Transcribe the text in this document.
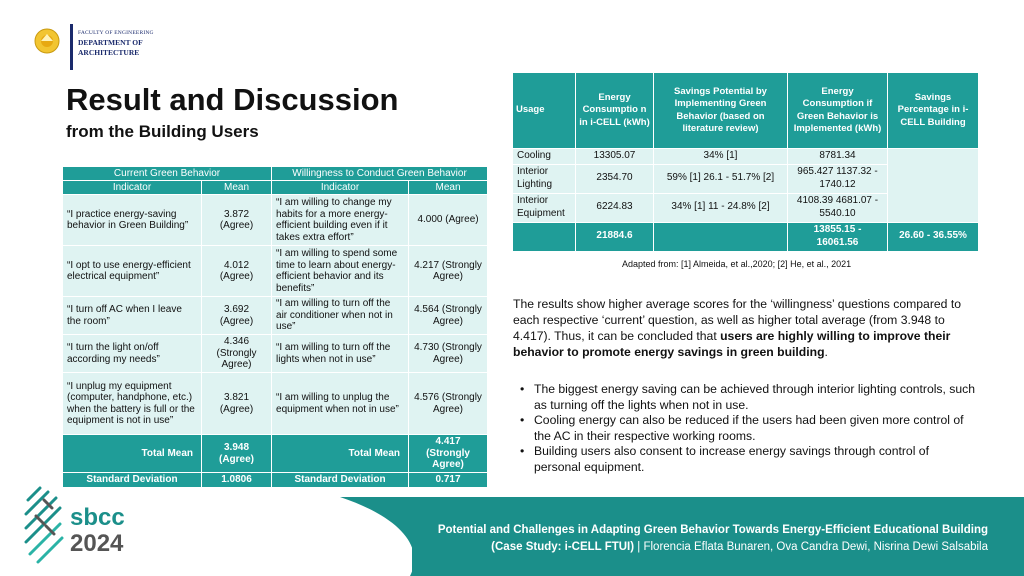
FACULTY OF ENGINEERING
DEPARTMENT OF
ARCHITECTURE
Result and Discussion
from the Building Users
Current Green Behavior		Willingness to Conduct Green Behavior	
Indicator	Mean	Indicator	Mean
“I practice energy-saving behavior in Green Building”	3.872 (Agree)	“I am willing to change my habits for a more energy-efficient building even if it takes extra effort”	4.000 (Agree)
“I opt to use energy-efficient electrical equipment”	4.012 (Agree)	“I am willing to spend some time to learn about energy-efficient behavior and its benefits”	4.217 (Strongly Agree)
“I turn off AC when I leave the room”	3.692 (Agree)	“I am willing to turn off the air conditioner when not in use”	4.564 (Strongly Agree)
“I turn the light on/off according my needs”	4.346 (Strongly Agree)	“I am willing to turn off the lights when not in use”	4.730 (Strongly Agree)
“I unplug my equipment (computer, handphone, etc.) when the battery is full or the equipment is not in use”	3.821 (Agree)	“I am willing to unplug the equipment when not in use”	4.576 (Strongly Agree)
Total Mean	3.948 (Agree)	Total Mean	4.417 (Strongly Agree)
Standard Deviation	1.0806	Standard Deviation	0.717
Usage	Energy Consumptio n in i-CELL (kWh)	Savings Potential by Implementing Green Behavior (based on literature review)	Energy Consumption if Green Behavior is Implemented (kWh)	Savings Percentage in i-CELL Building
Cooling	13305.07	34% [1]	8781.34	
Interior Lighting	2354.70	59% [1] 26.1 - 51.7% [2]	965.427 1137.32 - 1740.12	
Interior Equipment	6224.83	34% [1] 11 - 24.8% [2]	4108.39 4681.07 - 5540.10	
	21884.6		13855.15 - 16061.56	26.60 - 36.55%
Adapted from: [1] Almeida, et al.,2020; [2] He, et al., 2021

The results show higher average scores for the ‘willingness’ questions compared to each respective ‘current’ question, as well as higher total average (from 3.948 to 4.417). Thus, it can be concluded that users are highly willing to improve their behavior to promote energy savings in green building.

• The biggest energy saving can be achieved through interior lighting controls, such as turning off the lights when not in use.
• Cooling energy can also be reduced if the users had been given more control of the AC in their respective working rooms.
• Building users also consent to increase energy savings through control of personal equipment.
Potential and Challenges in Adapting Green Behavior Towards Energy-Efficient Educational Building
(Case Study: i-CELL FTUI) | Florencia Eflata Bunaren, Ova Candra Dewi, Nisrina Dewi Salsabila
sbcc
2024
